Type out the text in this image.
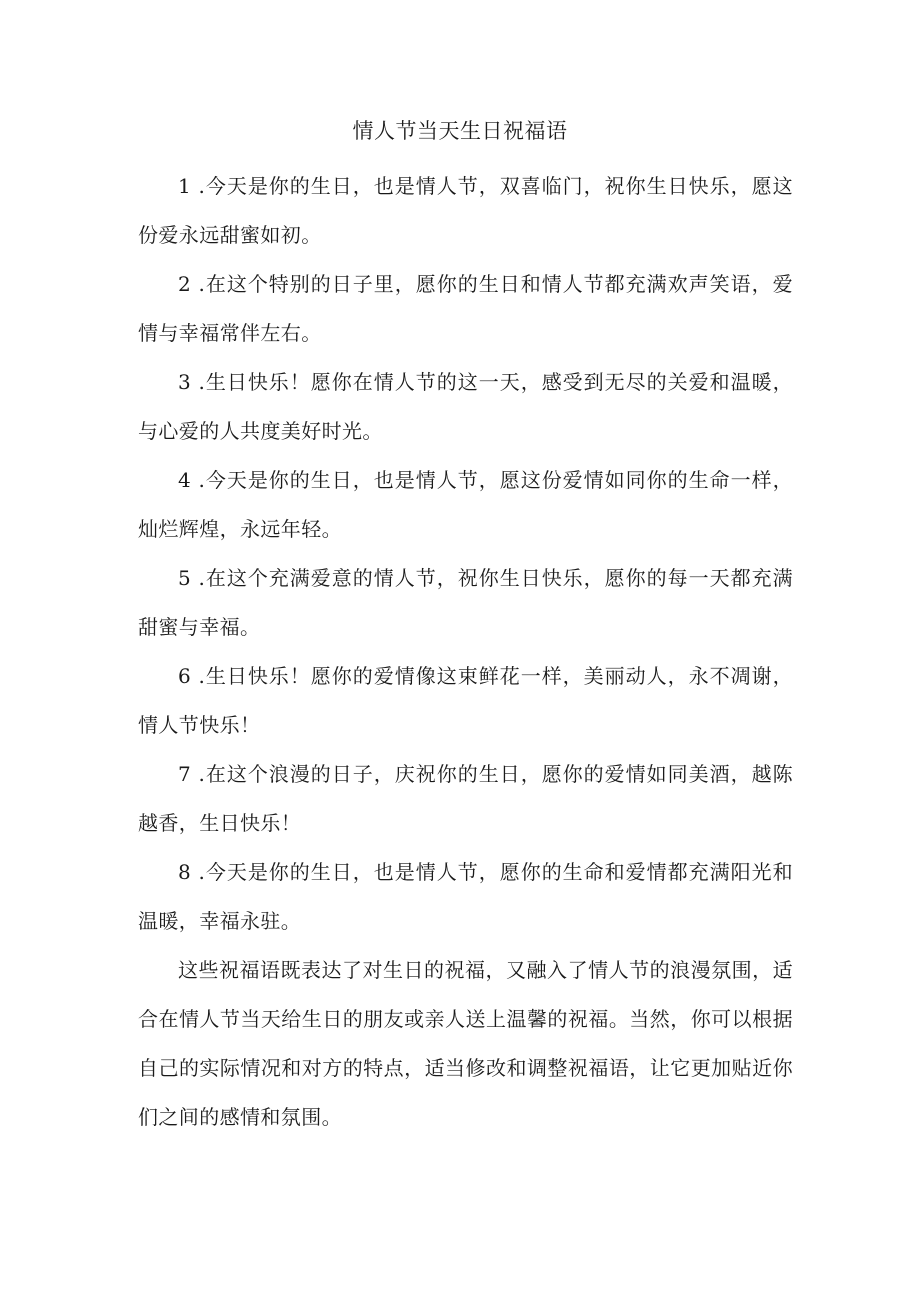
情人节当天生日祝福语

1 .今天是你的生日，也是情人节，双喜临门，祝你生日快乐，愿这份爱永远甜蜜如初。

2 .在这个特别的日子里，愿你的生日和情人节都充满欢声笑语，爱情与幸福常伴左右。

3 .生日快乐！愿你在情人节的这一天，感受到无尽的关爱和温暖，与心爱的人共度美好时光。

4 .今天是你的生日，也是情人节，愿这份爱情如同你的生命一样，灿烂辉煌，永远年轻。

5 .在这个充满爱意的情人节，祝你生日快乐，愿你的每一天都充满甜蜜与幸福。

6 .生日快乐！愿你的爱情像这束鲜花一样，美丽动人，永不凋谢，情人节快乐！

7 .在这个浪漫的日子，庆祝你的生日，愿你的爱情如同美酒，越陈越香，生日快乐！

8 .今天是你的生日，也是情人节，愿你的生命和爱情都充满阳光和温暖，幸福永驻。

这些祝福语既表达了对生日的祝福，又融入了情人节的浪漫氛围，适合在情人节当天给生日的朋友或亲人送上温馨的祝福。当然，你可以根据自己的实际情况和对方的特点，适当修改和调整祝福语，让它更加贴近你们之间的感情和氛围。
